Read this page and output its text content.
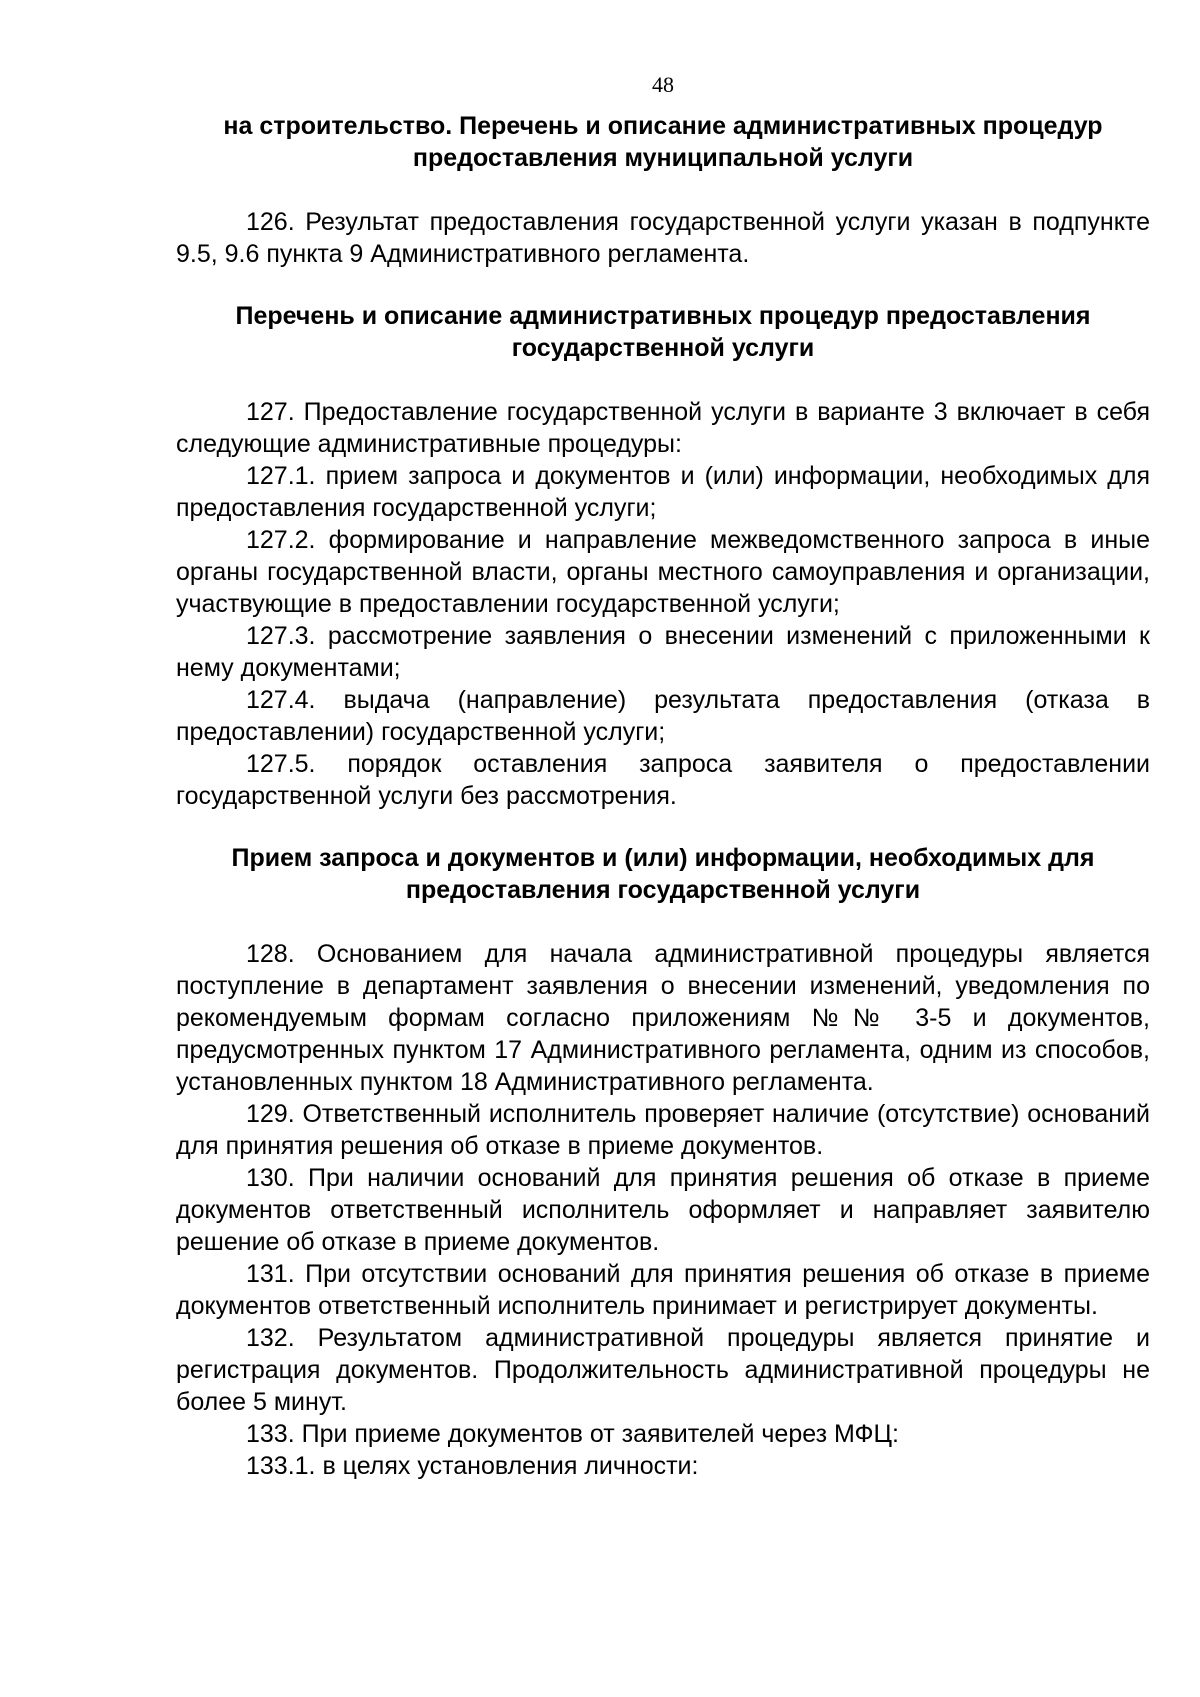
48

на строительство. Перечень и описание административных процедур предоставления муниципальной услуги

126. Результат предоставления государственной услуги указан в подпункте 9.5, 9.6 пункта 9 Административного регламента.

Перечень и описание административных процедур предоставления государственной услуги

127. Предоставление государственной услуги в варианте 3 включает в себя следующие административные процедуры:

127.1. прием запроса и документов и (или) информации, необходимых для предоставления государственной услуги;

127.2. формирование и направление межведомственного запроса в иные органы государственной власти, органы местного самоуправления и организации, участвующие в предоставлении государственной услуги;

127.3. рассмотрение заявления о внесении изменений с приложенными к нему документами;

127.4. выдача (направление) результата предоставления (отказа в предоставлении) государственной услуги;

127.5. порядок оставления запроса заявителя о предоставлении государственной услуги без рассмотрения.

Прием запроса и документов и (или) информации, необходимых для предоставления государственной услуги

128. Основанием для начала административной процедуры является поступление в департамент заявления о внесении изменений, уведомления по рекомендуемым формам согласно приложениям №№ 3-5 и документов, предусмотренных пунктом 17 Административного регламента, одним из способов, установленных пунктом 18 Административного регламента.

129. Ответственный исполнитель проверяет наличие (отсутствие) оснований для принятия решения об отказе в приеме документов.

130. При наличии оснований для принятия решения об отказе в приеме документов ответственный исполнитель оформляет и направляет заявителю решение об отказе в приеме документов.

131. При отсутствии оснований для принятия решения об отказе в приеме документов ответственный исполнитель принимает и регистрирует документы.

132. Результатом административной процедуры является принятие и регистрация документов. Продолжительность административной процедуры не более 5 минут.

133. При приеме документов от заявителей через МФЦ:

133.1. в целях установления личности:
